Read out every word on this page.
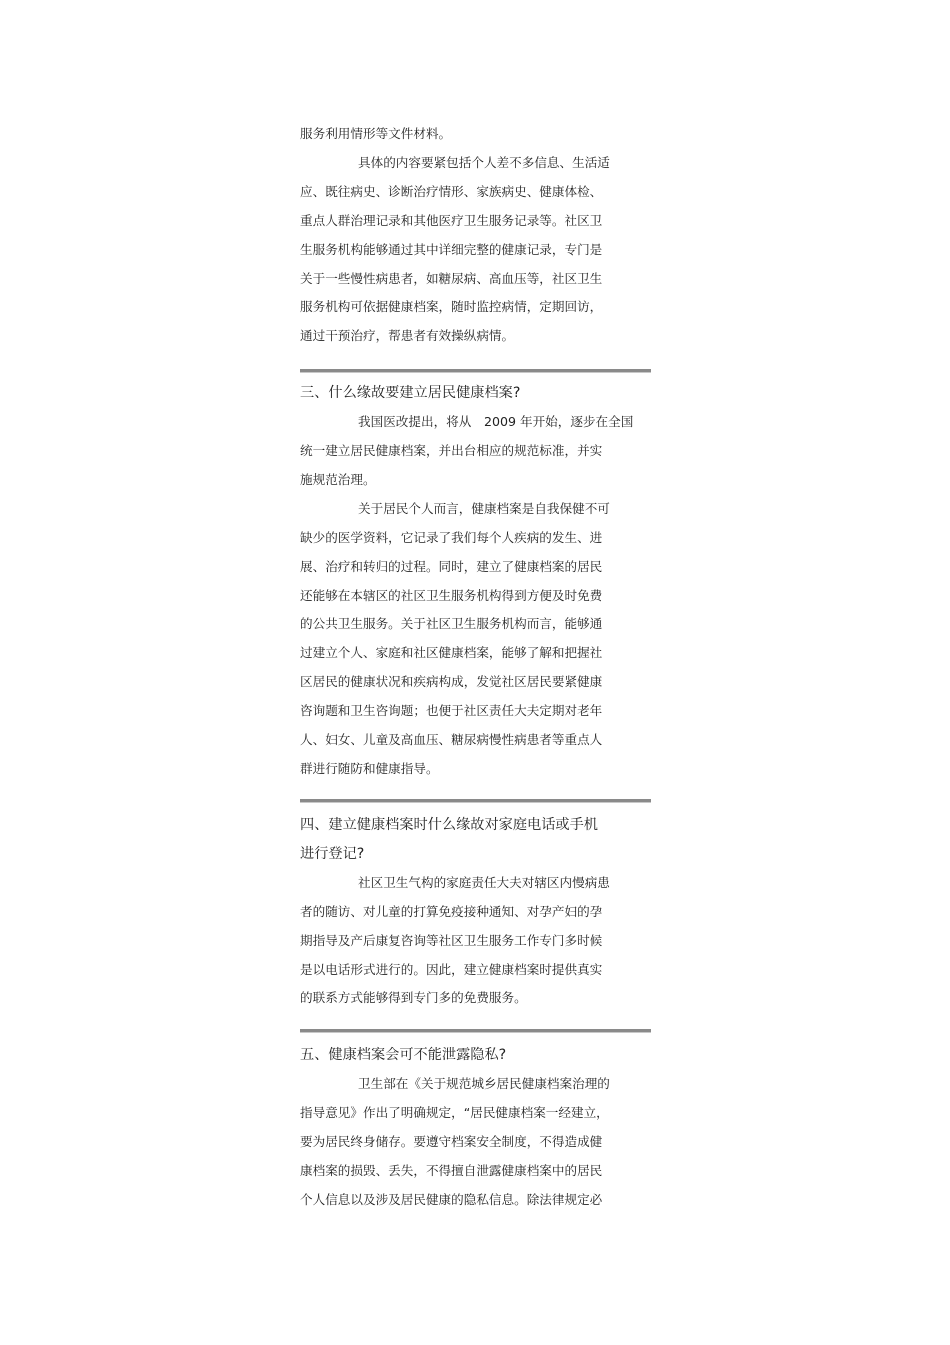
服务利用情形等文件材料。
具体的内容要紧包括个人差不多信息、生活适
应、既往病史、诊断治疗情形、家族病史、健康体检、
重点人群治理记录和其他医疗卫生服务记录等。社区卫
生服务机构能够通过其中详细完整的健康记录，专门是
关于一些慢性病患者，如糖尿病、高血压等，社区卫生
服务机构可依据健康档案，随时监控病情，定期回访，
通过干预治疗，帮患者有效操纵病情。
三、什么缘故要建立居民健康档案?
我国医改提出，将从　2009 年开始，逐步在全国
统一建立居民健康档案，并出台相应的规范标准，并实
施规范治理。
关于居民个人而言，健康档案是自我保健不可
缺少的医学资料，它记录了我们每个人疾病的发生、进
展、治疗和转归的过程。同时，建立了健康档案的居民
还能够在本辖区的社区卫生服务机构得到方便及时免费
的公共卫生服务。关于社区卫生服务机构而言，能够通
过建立个人、家庭和社区健康档案，能够了解和把握社
区居民的健康状况和疾病构成，发觉社区居民要紧健康
咨询题和卫生咨询题；也便于社区责任大夫定期对老年
人、妇女、儿童及高血压、糖尿病慢性病患者等重点人
群进行随防和健康指导。
四、建立健康档案时什么缘故对家庭电话或手机
进行登记?
社区卫生气构的家庭责任大夫对辖区内慢病患
者的随访、对儿童的打算免疫接种通知、对孕产妇的孕
期指导及产后康复咨询等社区卫生服务工作专门多时候
是以电话形式进行的。因此，建立健康档案时提供真实
的联系方式能够得到专门多的免费服务。
五、健康档案会可不能泄露隐私?
卫生部在《关于规范城乡居民健康档案治理的
指导意见》作出了明确规定，“居民健康档案一经建立，
要为居民终身储存。要遵守档案安全制度，不得造成健
康档案的损毁、丢失，不得擅自泄露健康档案中的居民
个人信息以及涉及居民健康的隐私信息。除法律规定必
